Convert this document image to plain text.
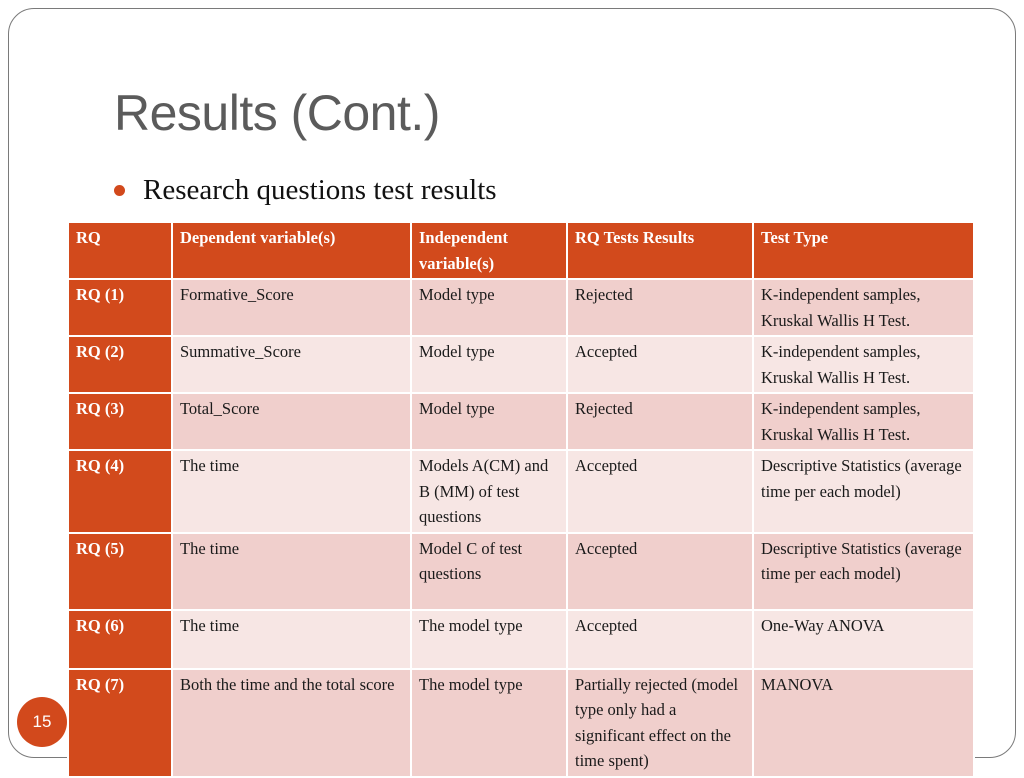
Results (Cont.)
Research questions test results
RQ	Dependent variable(s)	Independent variable(s)	RQ Tests Results	Test Type
RQ (1)	Formative_Score	Model type	Rejected	K-independent samples, Kruskal Wallis H Test.
RQ (2)	Summative_Score	Model type	Accepted	K-independent samples, Kruskal Wallis H Test.
RQ (3)	Total_Score	Model type	Rejected	K-independent samples, Kruskal Wallis H Test.
RQ (4)	The time	Models A(CM) and B (MM) of test questions	Accepted	Descriptive Statistics (average time per each model)
RQ (5)	The time	Model C of test questions	Accepted	Descriptive Statistics (average time per each model)
RQ (6)	The time	The model type	Accepted	One-Way ANOVA
RQ (7)	Both the time and the total score	The model type	Partially rejected (model type only had a significant effect on the time spent)	MANOVA
15
